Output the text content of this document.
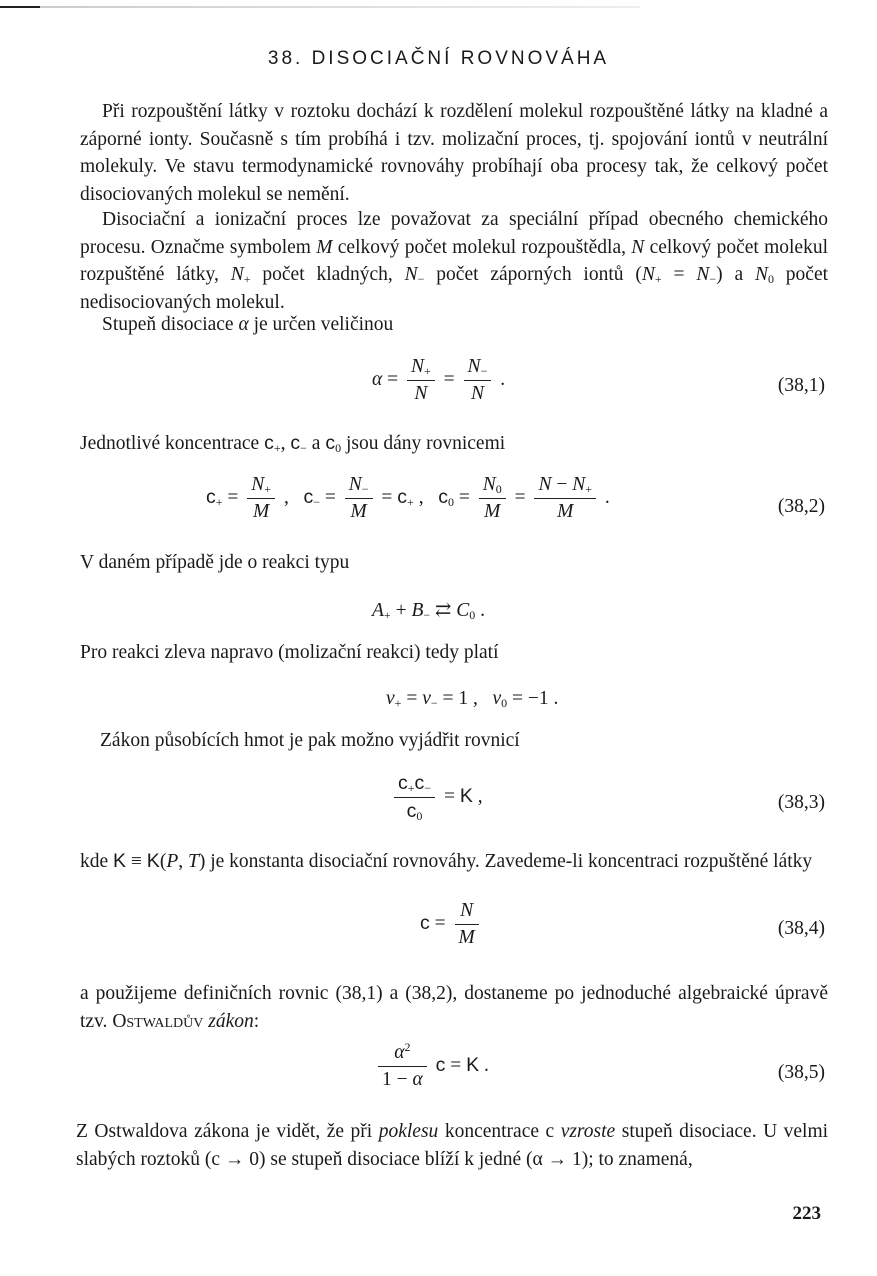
38. DISOCIAČNÍ ROVNOVÁHA
Při rozpouštění látky v roztoku dochází k rozdělení molekul rozpouštěné látky na kladné a záporné ionty. Současně s tím probíhá i tzv. molizační proces, tj. spojování iontů v neutrální molekuly. Ve stavu termodynamické rovnováhy probíhají oba procesy tak, že celkový počet disociovaných molekul se nemění.
Disociační a ionizační proces lze považovat za speciální případ obecného chemického procesu. Označme symbolem M celkový počet molekul rozpouštědla, N celkový počet molekul rozpuštěné látky, $N_+$ počet kladných, $N_-$ počet záporných iontů $(N_+ = N_-)$ a $N_0$ počet nedisociovaných molekul.
Stupeň disociace α je určen veličinou
$\alpha = \frac{N_+}{N} = \frac{N_-}{N}$ .	(38,1)
Jednotlivé koncentrace $c_+$, $c_-$ a $c_0$ jsou dány rovnicemi
$c_+ = \frac{N_+}{M}$ ,   $c_- = \frac{N_-}{M} = c_+$ ,   $c_0 = \frac{N_0}{M} = \frac{N - N_+}{M}$ .	(38,2)
V daném případě jde o reakci typu
$A_+ + B_-$ ⇄ $C_0$ .
Pro reakci zleva napravo (molizační reakci) tedy platí
$\nu_+ = \nu_- = 1$ ,   $\nu_0 = -1$ .
Zákon působících hmot je pak možno vyjádřit rovnicí
$\frac{c_+c_-}{c_0} = K$ ,	(38,3)
kde K ≡ K(P, T) je konstanta disociační rovnováhy. Zavedeme-li koncentraci rozpuštěné látky
$c = \frac{N}{M}$	(38,4)
a použijeme definičních rovnic (38,1) a (38,2), dostaneme po jednoduché algebraické úpravě tzv. Ostwaldův zákon:
$\frac{\alpha^2}{1 - \alpha}$ c = K .	(38,5)
Z Ostwaldova zákona je vidět, že při poklesu koncentrace c vzroste stupeň disociace. U velmi slabých roztoků (c → 0) se stupeň disociace blíží k jedné (α → 1); to znamená,
223
